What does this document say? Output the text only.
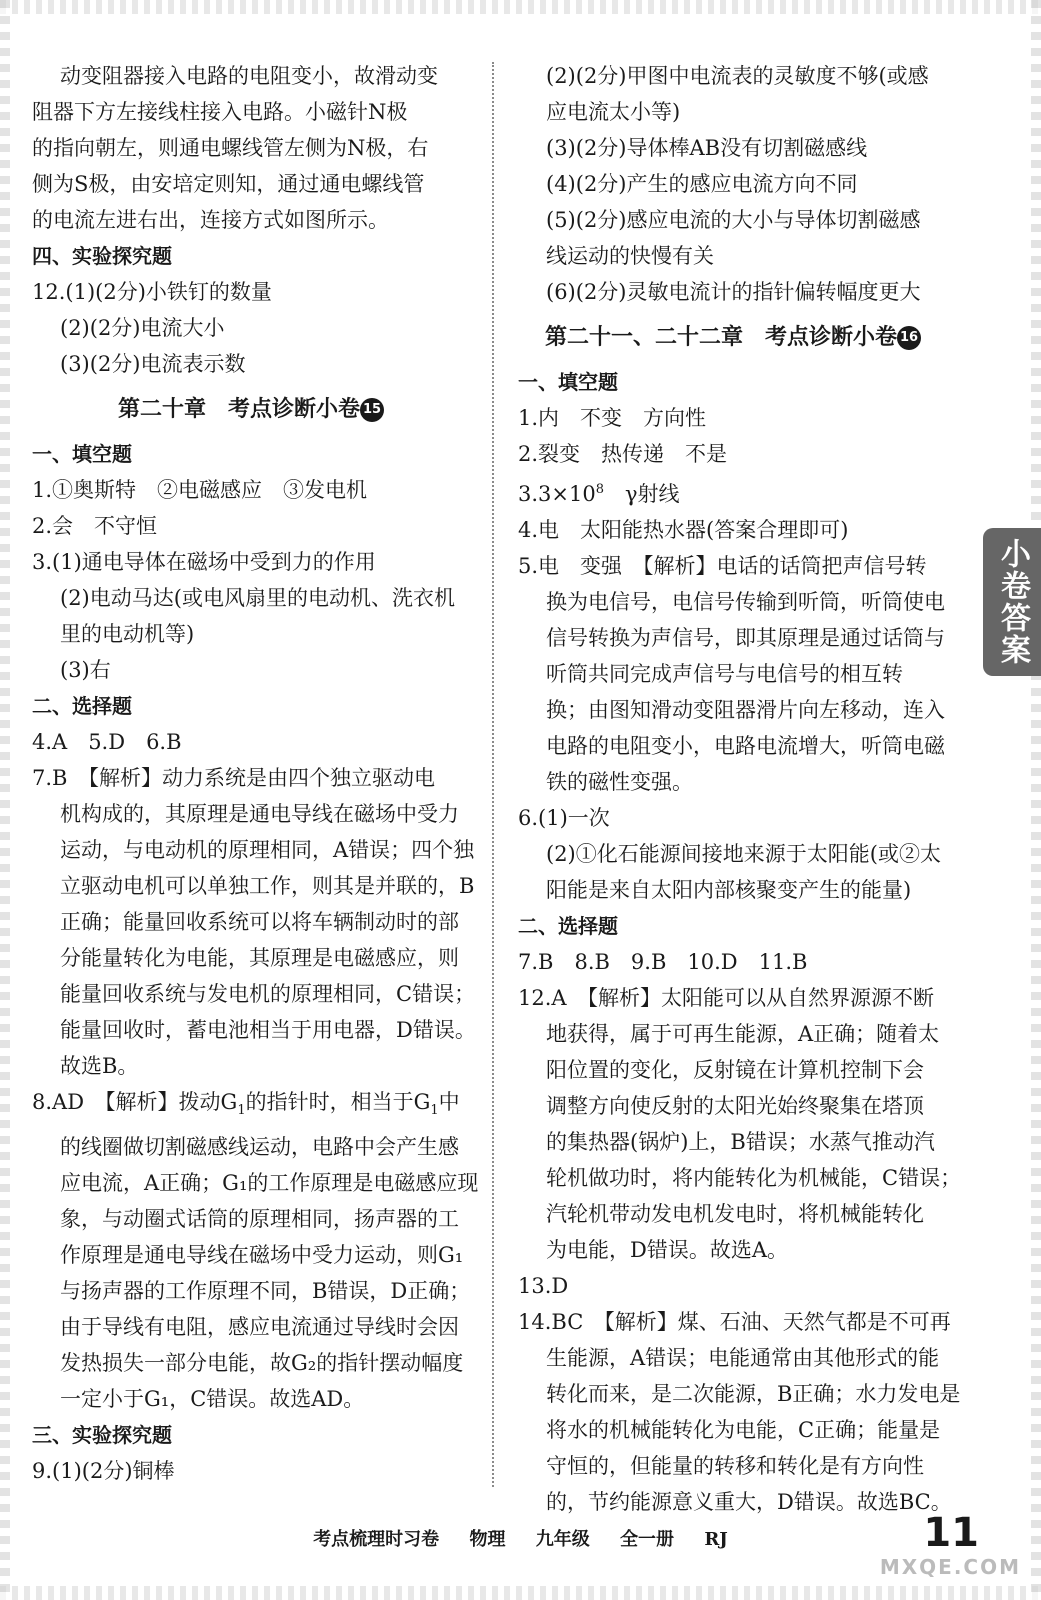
动变阻器接入电路的电阻变小，故滑动变
阻器下方左接线柱接入电路。小磁针N极
的指向朝左，则通电螺线管左侧为N极，右
侧为S极，由安培定则知，通过通电螺线管
的电流左进右出，连接方式如图所示。
四、实验探究题
12.(1)(2分)小铁钉的数量
(2)(2分)电流大小
(3)(2分)电流表示数
第二十章　考点诊断小卷 15
一、填空题
1.①奥斯特　②电磁感应　③发电机
2.会　不守恒
3.(1)通电导体在磁场中受到力的作用
(2)电动马达(或电风扇里的电动机、洗衣机
里的电动机等)
(3)右
二、选择题
4.A　5.D　6.B
7.B　【解析】动力系统是由四个独立驱动电
机构成的，其原理是通电导线在磁场中受力
运动，与电动机的原理相同，A错误；四个独
立驱动电机可以单独工作，则其是并联的，B
正确；能量回收系统可以将车辆制动时的部
分能量转化为电能，其原理是电磁感应，则
能量回收系统与发电机的原理相同，C错误；
能量回收时，蓄电池相当于用电器，D错误。
故选B。
8.AD　【解析】拨动$G_1$的指针时，相当于$G_1$中
的线圈做切割磁感线运动，电路中会产生感
应电流，A正确；G₁的工作原理是电磁感应现
象，与动圈式话筒的原理相同，扬声器的工
作原理是通电导线在磁场中受力运动，则G₁
与扬声器的工作原理不同，B错误，D正确；
由于导线有电阻，感应电流通过导线时会因
发热损失一部分电能，故G₂的指针摆动幅度
一定小于G₁，C错误。故选AD。
三、实验探究题
9.(1)(2分)铜棒
(2)(2分)甲图中电流表的灵敏度不够(或感
应电流太小等)
(3)(2分)导体棒AB没有切割磁感线
(4)(2分)产生的感应电流方向不同
(5)(2分)感应电流的大小与导体切割磁感
线运动的快慢有关
(6)(2分)灵敏电流计的指针偏转幅度更大
第二十一、二十二章　考点诊断小卷 16
一、填空题
1.内　不变　方向性
2.裂变　热传递　不是
$3.3\times 10^8$　γ射线
4.电　太阳能热水器(答案合理即可)
5.电　变强　【解析】电话的话筒把声信号转
换为电信号，电信号传输到听筒，听筒使电
信号转换为声信号，即其原理是通过话筒与
听筒共同完成声信号与电信号的相互转
换；由图知滑动变阻器滑片向左移动，连入
电路的电阻变小，电路电流增大，听筒电磁
铁的磁性变强。
6.(1)一次
(2)①化石能源间接地来源于太阳能(或②太
阳能是来自太阳内部核聚变产生的能量)
二、选择题
7.B　8.B　9.B　10.D　11.B
12.A　【解析】太阳能可以从自然界源源不断
地获得，属于可再生能源，A正确；随着太
阳位置的变化，反射镜在计算机控制下会
调整方向使反射的太阳光始终聚集在塔顶
的集热器(锅炉)上，B错误；水蒸气推动汽
轮机做功时，将内能转化为机械能，C错误；
汽轮机带动发电机发电时，将机械能转化
为电能，D错误。故选A。
13.D
14.BC　【解析】煤、石油、天然气都是不可再
生能源，A错误；电能通常由其他形式的能
转化而来，是二次能源，B正确；水力发电是
将水的机械能转化为电能，C正确；能量是
守恒的，但能量的转移和转化是有方向性
的，节约能源意义重大，D错误。故选BC。
小卷答案
考点梳理时习卷 物理 九年级 全一册 RJ	11
MXQE.COM
